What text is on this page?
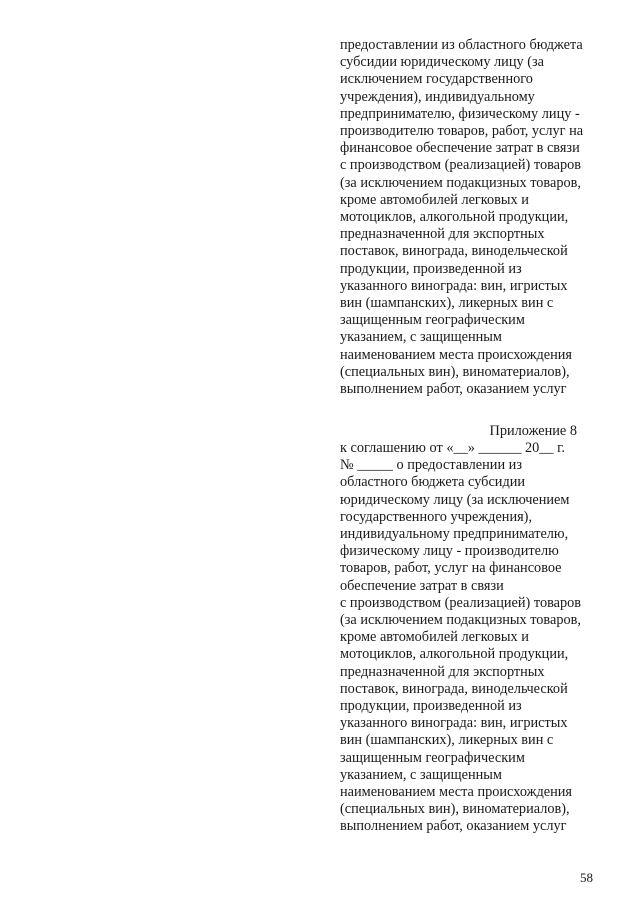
предоставлении из областного бюджета
субсидии юридическому лицу (за
исключением государственного
учреждения), индивидуальному
предпринимателю, физическому лицу -
производителю товаров, работ, услуг на
финансовое обеспечение затрат в связи
с производством (реализацией) товаров
(за исключением подакцизных товаров,
кроме автомобилей легковых и
мотоциклов, алкогольной продукции,
предназначенной для экспортных
поставок, винограда, винодельческой
продукции, произведенной из
указанного винограда: вин, игристых
вин (шампанских), ликерных вин с
защищенным географическим
указанием, с защищенным
наименованием места происхождения
(специальных вин), виноматериалов),
выполнением работ, оказанием услуг
Приложение 8
к соглашению от «__» ______ 20__ г.
№ _____ о предоставлении из
областного бюджета субсидии
юридическому лицу (за исключением
государственного учреждения),
индивидуальному предпринимателю,
физическому лицу - производителю
товаров, работ, услуг на финансовое
обеспечение затрат в связи
с производством (реализацией) товаров
(за исключением подакцизных товаров,
кроме автомобилей легковых и
мотоциклов, алкогольной продукции,
предназначенной для экспортных
поставок, винограда, винодельческой
продукции, произведенной из
указанного винограда: вин, игристых
вин (шампанских), ликерных вин с
защищенным географическим
указанием, с защищенным
наименованием места происхождения
(специальных вин), виноматериалов),
выполнением работ, оказанием услуг
58
